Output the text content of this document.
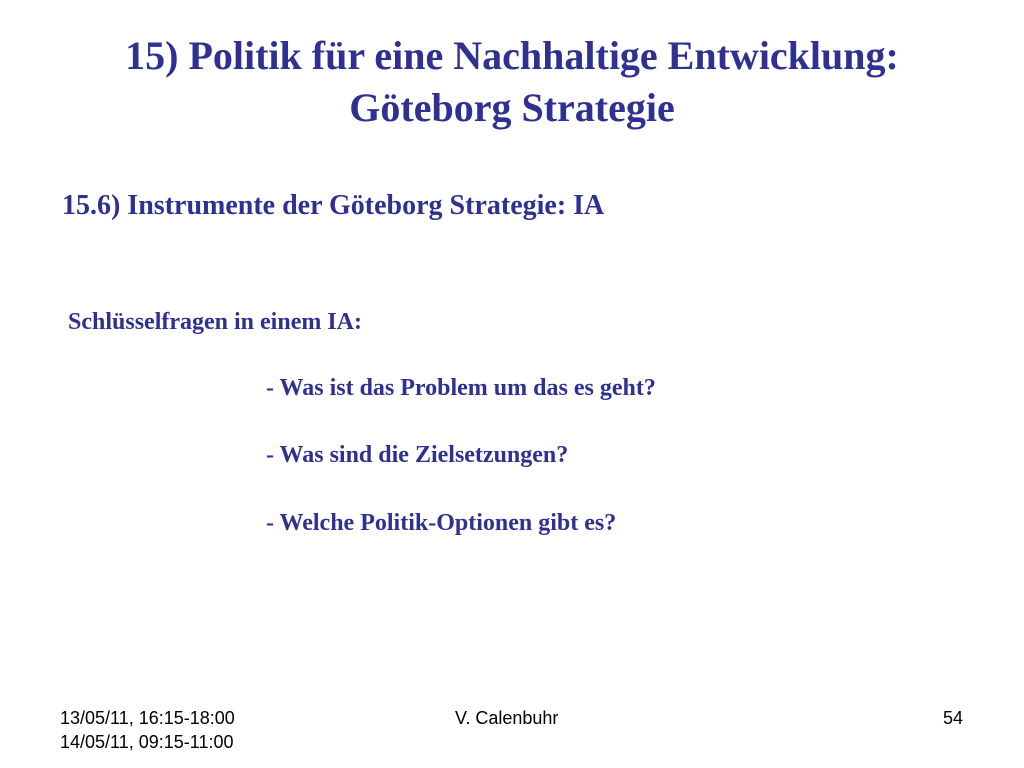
15) Politik für eine Nachhaltige Entwicklung:
Göteborg Strategie
15.6) Instrumente der Göteborg Strategie: IA
Schlüsselfragen in einem IA:
- Was ist das Problem um das es geht?
- Was sind die Zielsetzungen?
- Welche Politik-Optionen gibt es?
13/05/11, 16:15-18:00
14/05/11, 09:15-11:00
V. Calenbuhr	54
